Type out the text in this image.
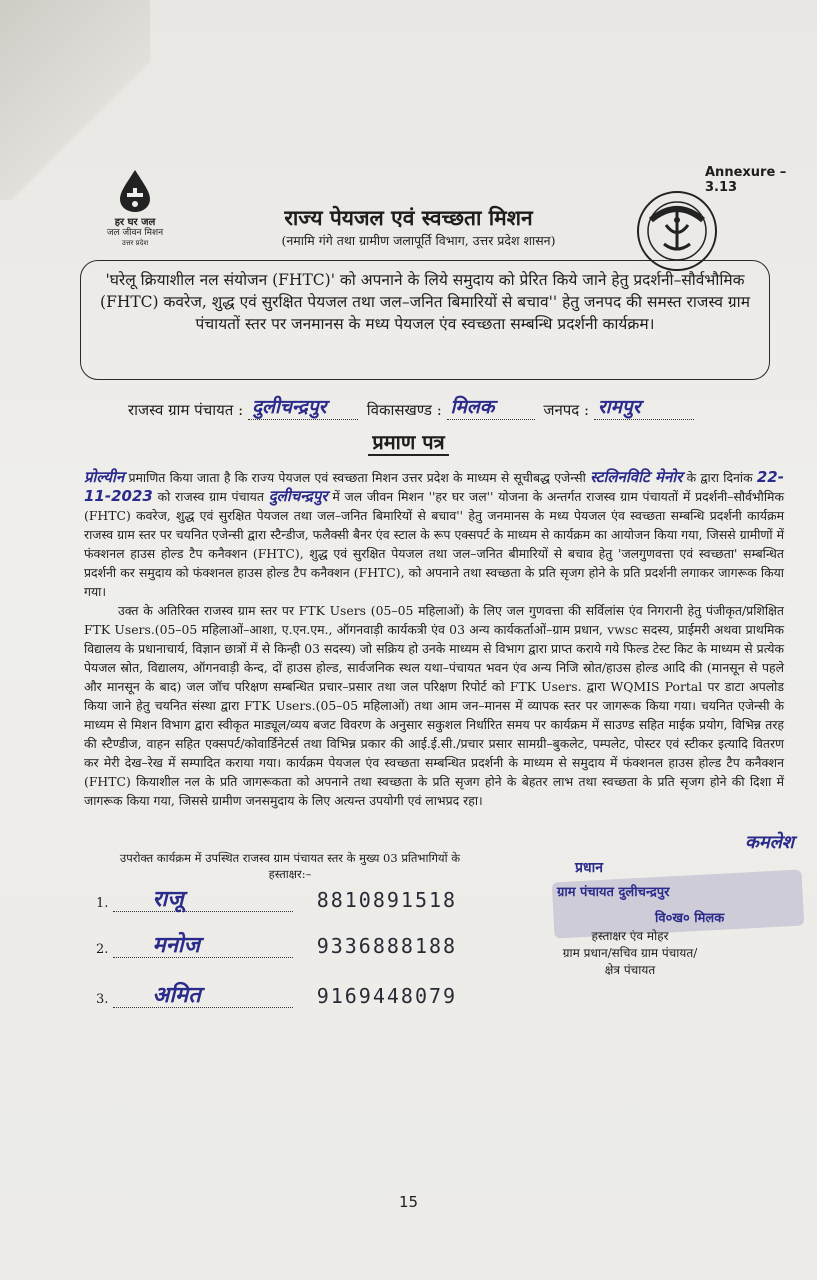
Annexure – 3.13
हर घर जल
जल जीवन मिशन
उत्तर प्रदेश
राज्य पेयजल एवं स्वच्छता मिशन
(नमामि गंगे तथा ग्रामीण जलापूर्ति विभाग, उत्तर प्रदेश शासन)
'घरेलू क्रियाशील नल संयोजन (FHTC)' को अपनाने के लिये समुदाय को प्रेरित किये जाने हेतु प्रदर्शनी–सौर्वभौमिक (FHTC) कवरेज, शुद्ध एवं सुरक्षित पेयजल तथा जल–जनित बिमारियों से बचाव'' हेतु जनपद की समस्त राजस्व ग्राम पंचायतों स्तर पर जनमानस के मध्य पेयजल एंव स्वच्छता सम्बन्धि प्रदर्शनी कार्यक्रम।
राजस्व ग्राम पंचायत : दुलीचन्द्रपुर	विकासखण्ड : मिलक	जनपद : रामपुर

प्रमाण पत्र

प्रोल्यीन प्रमाणित किया जाता है कि राज्य पेयजल एवं स्वच्छता मिशन उत्तर प्रदेश के माध्यम से सूचीबद्ध एजेन्सी स्टलिनविटि मेनोर के द्वारा दिनांक 22-11-2023 को राजस्व ग्राम पंचायत दुलीचन्द्रपुर में जल जीवन मिशन ''हर घर जल'' योजना के अन्तर्गत राजस्व ग्राम पंचायतों में प्रदर्शनी–सौर्वभौमिक (FHTC) कवरेज, शुद्ध एवं सुरक्षित पेयजल तथा जल–जनित बिमारियों से बचाव'' हेतु जनमानस के मध्य पेयजल एंव स्वच्छता सम्बन्धि प्रदर्शनी कार्यक्रम राजस्व ग्राम स्तर पर चयनित एजेन्सी द्वारा स्टैन्डीज, फलैक्सी बैनर एंव स्टाल के रूप एक्सपर्ट के माध्यम से कार्यक्रम का आयोजन किया गया, जिससे ग्रामीणों में फंक्शनल हाउस होल्ड टैप कनैक्शन (FHTC), शुद्ध एवं सुरक्षित पेयजल तथा जल–जनित बीमारियों से बचाव हेतु 'जलगुणवत्ता एवं स्वच्छता' सम्बन्धित प्रदर्शनी कर समुदाय को फंक्शनल हाउस होल्ड टैप कनैक्शन (FHTC), को अपनाने तथा स्वच्छता के प्रति सृजग होने के प्रति प्रदर्शनी लगाकर जागरूक किया गया।

उक्त के अतिरिक्त राजस्व ग्राम स्तर पर FTK Users (05–05 महिलाओं) के लिए जल गुणवत्ता की सर्विलांस एंव निगरानी हेतु पंजीकृत/प्रशिक्षित FTK Users.(05–05 महिलाओं–आशा, ए.एन.एम., ऑगनवाड़ी कार्यकत्री एंव 03 अन्य कार्यकर्ताओं–ग्राम प्रधान, vwsc सदस्य, प्राईमरी अथवा प्राथमिक विद्यालय के प्रधानाचार्य, विज्ञान छात्रों में से किन्ही 03 सदस्य) जो सक्रिय हो उनके माध्यम से विभाग द्वारा प्राप्त कराये गये फिल्ड टेस्ट किट के माध्यम से प्रत्येक पेयजल स्रोत, विद्यालय, ऑगनवाड़ी केन्द, दों हाउस होल्ड, सार्वजनिक स्थल यथा–पंचायत भवन एंव अन्य निजि स्रोत/हाउस होल्ड आदि की (मानसून से पहले और मानसून के बाद) जल जॉच परिक्षण सम्बन्धित प्रचार–प्रसार तथा जल परिक्षण रिपोर्ट को FTK Users. द्वारा WQMIS Portal पर डाटा अपलोड किया जाने हेतु चयनित संस्था द्वारा FTK Users.(05–05 महिलाओं) तथा आम जन–मानस में व्यापक स्तर पर जागरूक किया गया। चयनित एजेन्सी के माध्यम से मिशन विभाग द्वारा स्वीकृत माड्यूल/व्यय बजट विवरण के अनुसार सकुशल निर्धारित समय पर कार्यक्रम में साउण्ड सहित माईक प्रयोग, विभिन्न तरह की स्टैण्डीज, वाहन सहित एक्सपर्ट/कोवार्डिनेटर्स तथा विभिन्न प्रकार की आई.ई.सी./प्रचार प्रसार सामग्री–बुकलेट, पम्पलेट, पोस्टर एवं स्टीकर इत्यादि वितरण कर मेरी देख–रेख में सम्पादित कराया गया। कार्यक्रम पेयजल एंव स्वच्छता सम्बन्धित प्रदर्शनी के माध्यम से समुदाय में फंक्शनल हाउस होल्ड टैप कनैक्शन (FHTC) कियाशील नल के प्रति जागरूकता को अपनाने तथा स्वच्छता के प्रति सृजग होने के बेहतर लाभ तथा स्वच्छता के प्रति सृजग होने की दिशा में जागरूक किया गया, जिससे ग्रामीण जनसमुदाय के लिए अत्यन्त उपयोगी एवं लाभप्रद रहा।

उपरोक्त कार्यक्रम में उपस्थित राजस्व ग्राम पंचायत स्तर के मुख्य 03 प्रतिभागियों के हस्ताक्षर:–
1. राजू	8810891518
2. मनोज	9336888188
3. अमित	9169448079
कमलेश
प्रधान
ग्राम पंचायत दुलीचन्द्रपुर
वि०ख० मिलक
हस्ताक्षर एंव मोहर
ग्राम प्रधान/सचिव ग्राम पंचायत/
क्षेत्र पंचायत
15
